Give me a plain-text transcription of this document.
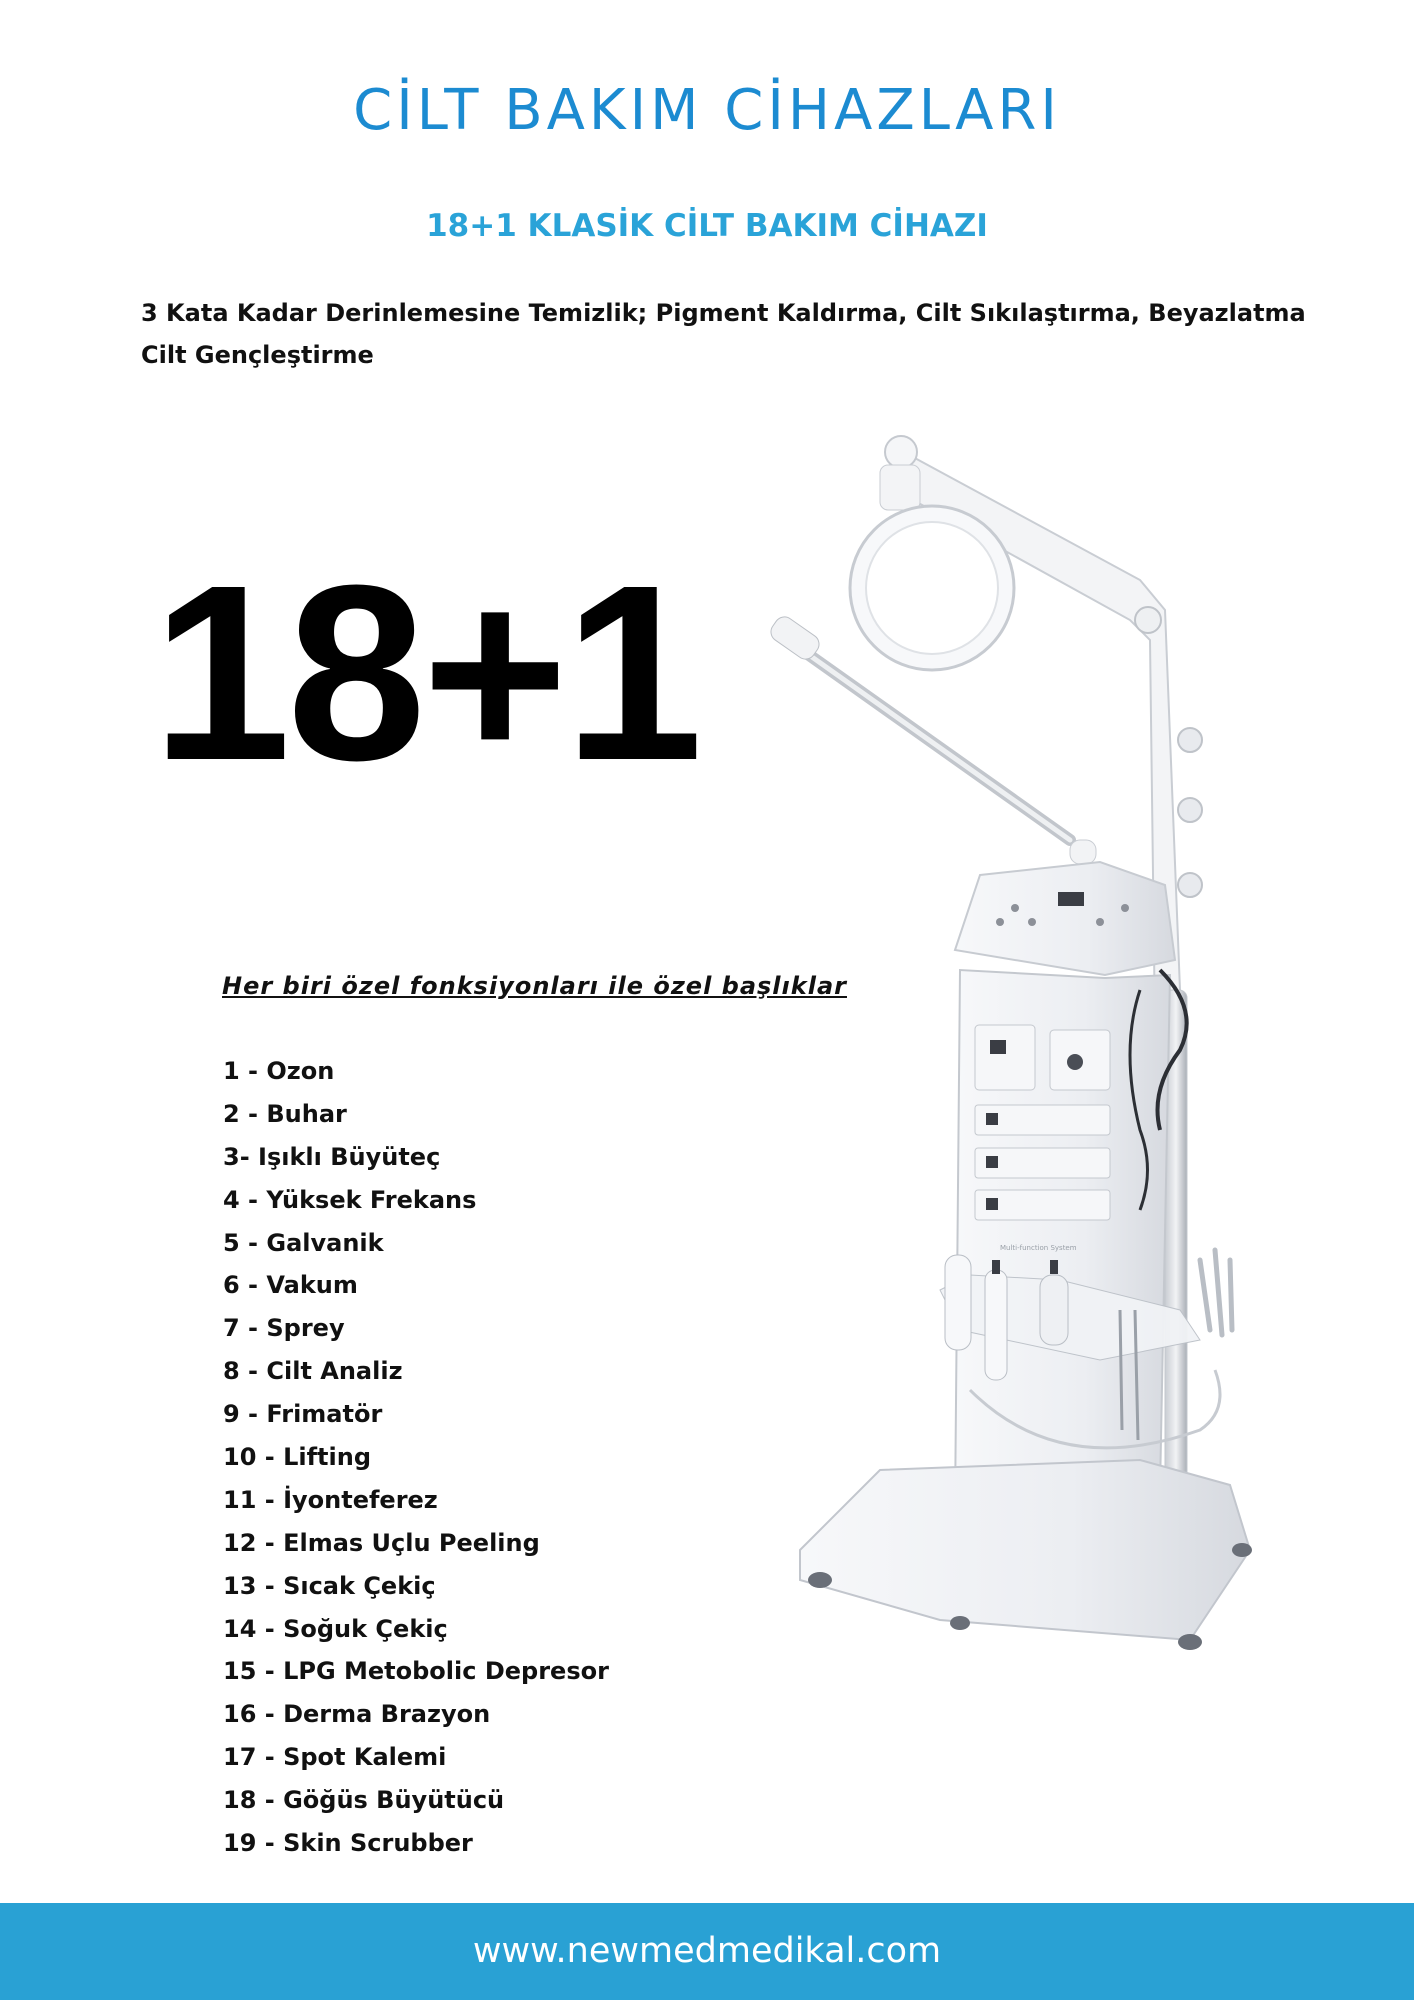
CİLT BAKIM CİHAZLARI
18+1 KLASİK CİLT BAKIM CİHAZI
3 Kata Kadar Derinlemesine Temizlik; Pigment Kaldırma, Cilt Sıkılaştırma, Beyazlatma
Cilt Gençleştirme
18+1
Multi-function System
Her biri özel fonksiyonları ile özel başlıklar
1 - Ozon
2 - Buhar
3- Işıklı Büyüteç
4 - Yüksek Frekans
5 - Galvanik
6 - Vakum
7 - Sprey
8 - Cilt Analiz
9 - Frimatör
10 - Lifting
11 - İyonteferez
12 - Elmas Uçlu Peeling
13 - Sıcak Çekiç
14 - Soğuk Çekiç
15 - LPG Metobolic Depresor
16 - Derma Brazyon
17 - Spot Kalemi
18 - Göğüs Büyütücü
19 - Skin Scrubber
www.newmedmedikal.com
